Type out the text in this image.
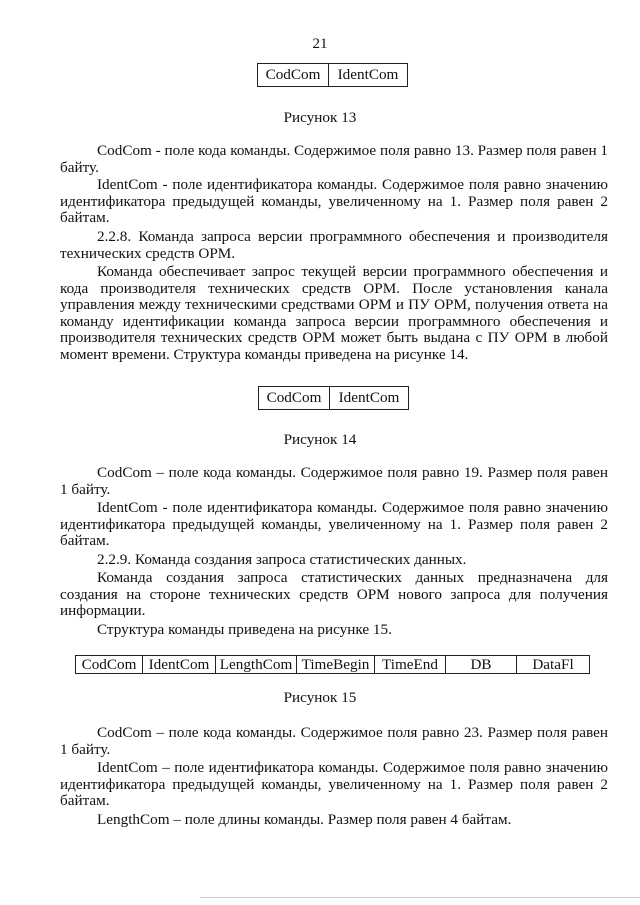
21
CodCom	IdentCom
Рисунок 13

CodCom - поле кода команды. Содержимое поля равно 13. Размер поля равен 1 байту.

IdentCom - поле идентификатора команды. Содержимое поля равно значению идентификатора предыдущей команды, увеличенному на 1. Размер поля равен 2 байтам.

2.2.8. Команда запроса версии программного обеспечения и производителя технических средств ОРМ.

Команда обеспечивает запрос текущей версии программного обеспечения и кода производителя технических средств ОРМ. После установления канала управления между техническими средствами ОРМ и ПУ ОРМ, получения ответа на команду идентификации команда запроса версии программного обеспечения и производителя технических средств ОРМ может быть выдана с ПУ ОРМ в любой момент времени. Структура команды приведена на рисунке 14.

CodCom	IdentCom
Рисунок 14

CodCom – поле кода команды. Содержимое поля равно 19. Размер поля равен 1 байту.

IdentCom - поле идентификатора команды. Содержимое поля равно значению идентификатора предыдущей команды, увеличенному на 1. Размер поля равен 2 байтам.

2.2.9. Команда создания запроса статистических данных.

Команда создания запроса статистических данных предназначена для создания на стороне технических средств ОРМ нового запроса для получения информации.

Структура команды приведена на рисунке 15.

CodCom	IdentCom	LengthCom	TimeBegin	TimeEnd	DB	DataFl
Рисунок 15

CodCom – поле кода команды. Содержимое поля равно 23. Размер поля равен 1 байту.

IdentCom – поле идентификатора команды. Содержимое поля равно значению идентификатора предыдущей команды, увеличенному на 1. Размер поля равен 2 байтам.

LengthCom – поле длины команды. Размер поля равен 4 байтам.
